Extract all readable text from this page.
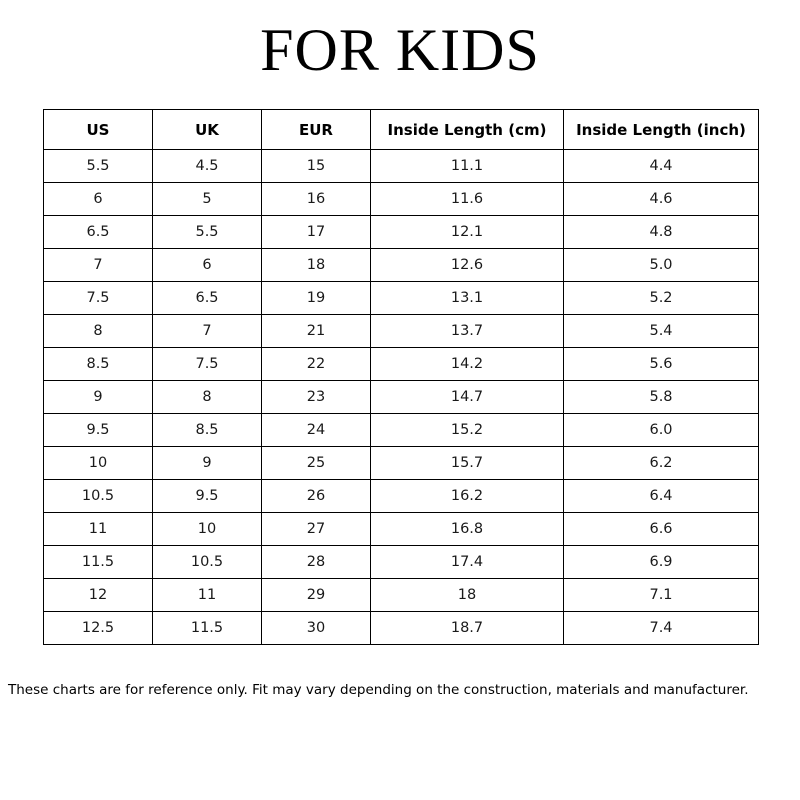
FOR KIDS
US	UK	EUR	Inside Length (cm)	Inside Length (inch)
5.5	4.5	15	11.1	4.4
6	5	16	11.6	4.6
6.5	5.5	17	12.1	4.8
7	6	18	12.6	5.0
7.5	6.5	19	13.1	5.2
8	7	21	13.7	5.4
8.5	7.5	22	14.2	5.6
9	8	23	14.7	5.8
9.5	8.5	24	15.2	6.0
10	9	25	15.7	6.2
10.5	9.5	26	16.2	6.4
11	10	27	16.8	6.6
11.5	10.5	28	17.4	6.9
12	11	29	18	7.1
12.5	11.5	30	18.7	7.4

These charts are for reference only. Fit may vary depending on the construction, materials and manufacturer.
